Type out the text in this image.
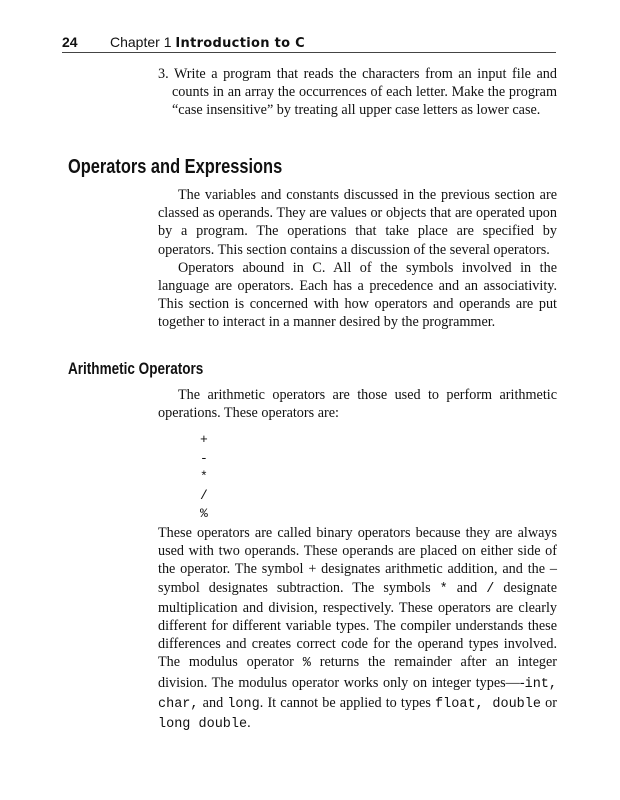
24 Chapter 1 Introduction to C

3. Write a program that reads the characters from an input file and counts in an array the occurrences of each letter. Make the program “case insensitive” by treating all upper case letters as lower case.

Operators and Expressions

The variables and constants discussed in the previous section are classed as operands. They are values or objects that are operated upon by a program. The operations that take place are specified by operators. This section contains a discussion of the several operators.

Operators abound in C. All of the symbols involved in the language are operators. Each has a precedence and an associativity. This section is concerned with how operators and operands are put together to interact in a manner desired by the programmer.

Arithmetic Operators

The arithmetic operators are those used to perform arithmetic operations. These operators are:

+
-
*
/
%

These operators are called binary operators because they are always used with two operands. These operands are placed on either side of the operator. The symbol + designates arithmetic addition, and the – symbol designates subtraction. The symbols * and / designate multiplication and division, respectively. These operators are clearly different for different variable types. The compiler understands these differences and creates correct code for the operand types involved. The modulus operator % returns the remainder after an integer division. The modulus operator works only on integer types—-int, char, and long. It cannot be applied to types float, double or long double.
